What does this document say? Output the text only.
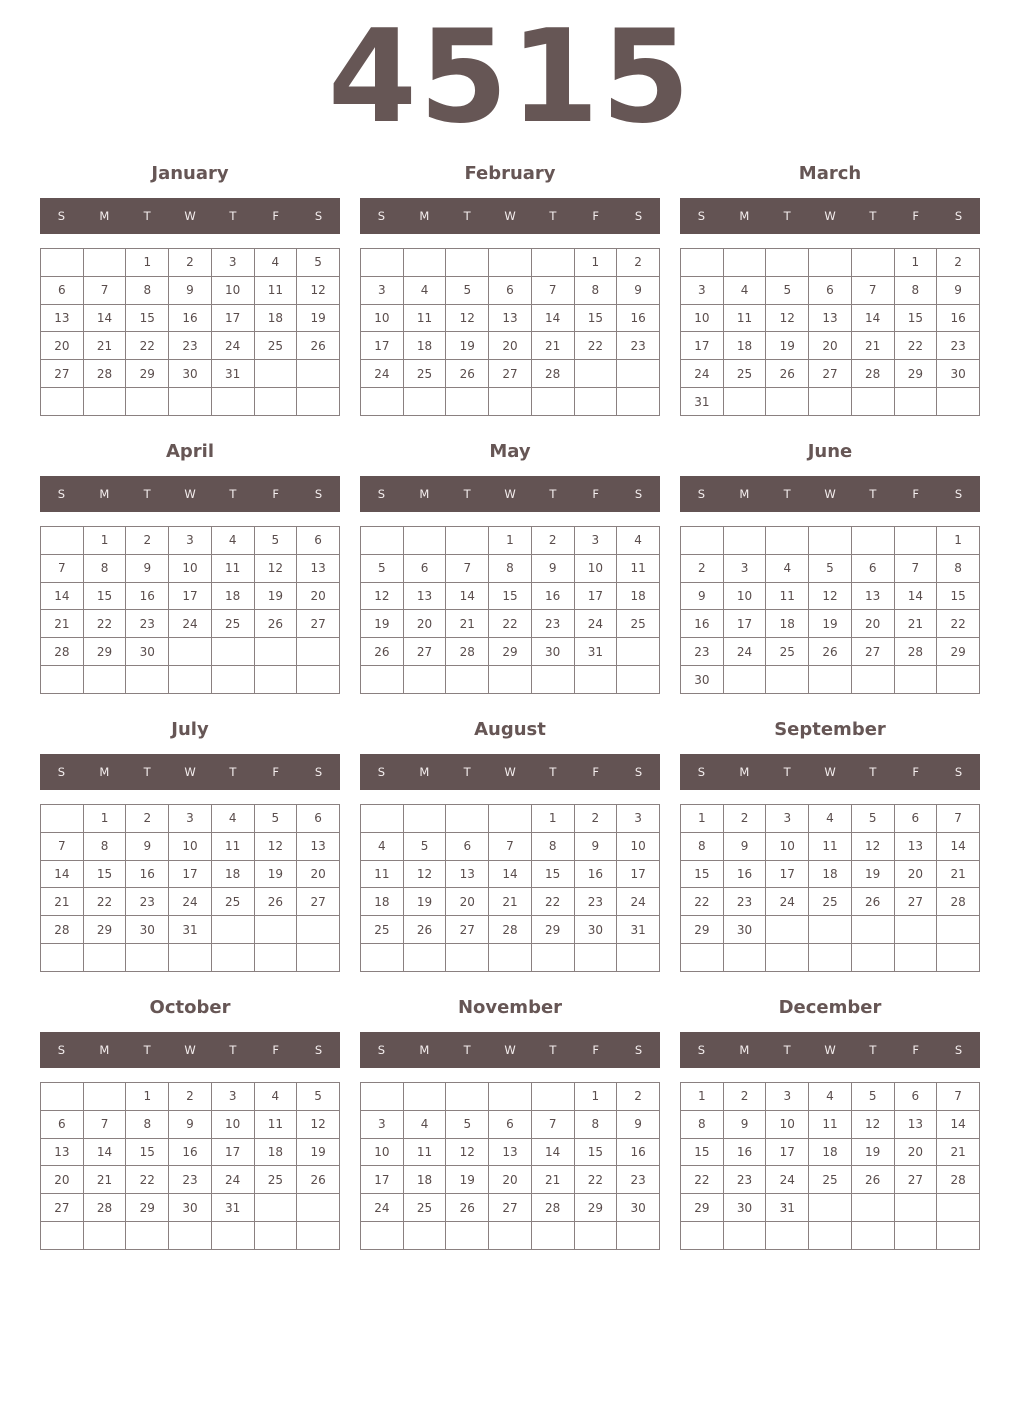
4515
January
S	M	T	W	T	F	S
		1	2	3	4	5
6	7	8	9	10	11	12
13	14	15	16	17	18	19
20	21	22	23	24	25	26
27	28	29	30	31		

February
S	M	T	W	T	F	S
					1	2
3	4	5	6	7	8	9
10	11	12	13	14	15	16
17	18	19	20	21	22	23
24	25	26	27	28		

March
S	M	T	W	T	F	S
					1	2
3	4	5	6	7	8	9
10	11	12	13	14	15	16
17	18	19	20	21	22	23
24	25	26	27	28	29	30
31						
April
S	M	T	W	T	F	S
	1	2	3	4	5	6
7	8	9	10	11	12	13
14	15	16	17	18	19	20
21	22	23	24	25	26	27
28	29	30				

May
S	M	T	W	T	F	S
			1	2	3	4
5	6	7	8	9	10	11
12	13	14	15	16	17	18
19	20	21	22	23	24	25
26	27	28	29	30	31	

June
S	M	T	W	T	F	S
						1
2	3	4	5	6	7	8
9	10	11	12	13	14	15
16	17	18	19	20	21	22
23	24	25	26	27	28	29
30						
July
S	M	T	W	T	F	S
	1	2	3	4	5	6
7	8	9	10	11	12	13
14	15	16	17	18	19	20
21	22	23	24	25	26	27
28	29	30	31			

August
S	M	T	W	T	F	S
				1	2	3
4	5	6	7	8	9	10
11	12	13	14	15	16	17
18	19	20	21	22	23	24
25	26	27	28	29	30	31

September
S	M	T	W	T	F	S
1	2	3	4	5	6	7
8	9	10	11	12	13	14
15	16	17	18	19	20	21
22	23	24	25	26	27	28
29	30					

October
S	M	T	W	T	F	S
		1	2	3	4	5
6	7	8	9	10	11	12
13	14	15	16	17	18	19
20	21	22	23	24	25	26
27	28	29	30	31		

November
S	M	T	W	T	F	S
					1	2
3	4	5	6	7	8	9
10	11	12	13	14	15	16
17	18	19	20	21	22	23
24	25	26	27	28	29	30

December
S	M	T	W	T	F	S
1	2	3	4	5	6	7
8	9	10	11	12	13	14
15	16	17	18	19	20	21
22	23	24	25	26	27	28
29	30	31				
